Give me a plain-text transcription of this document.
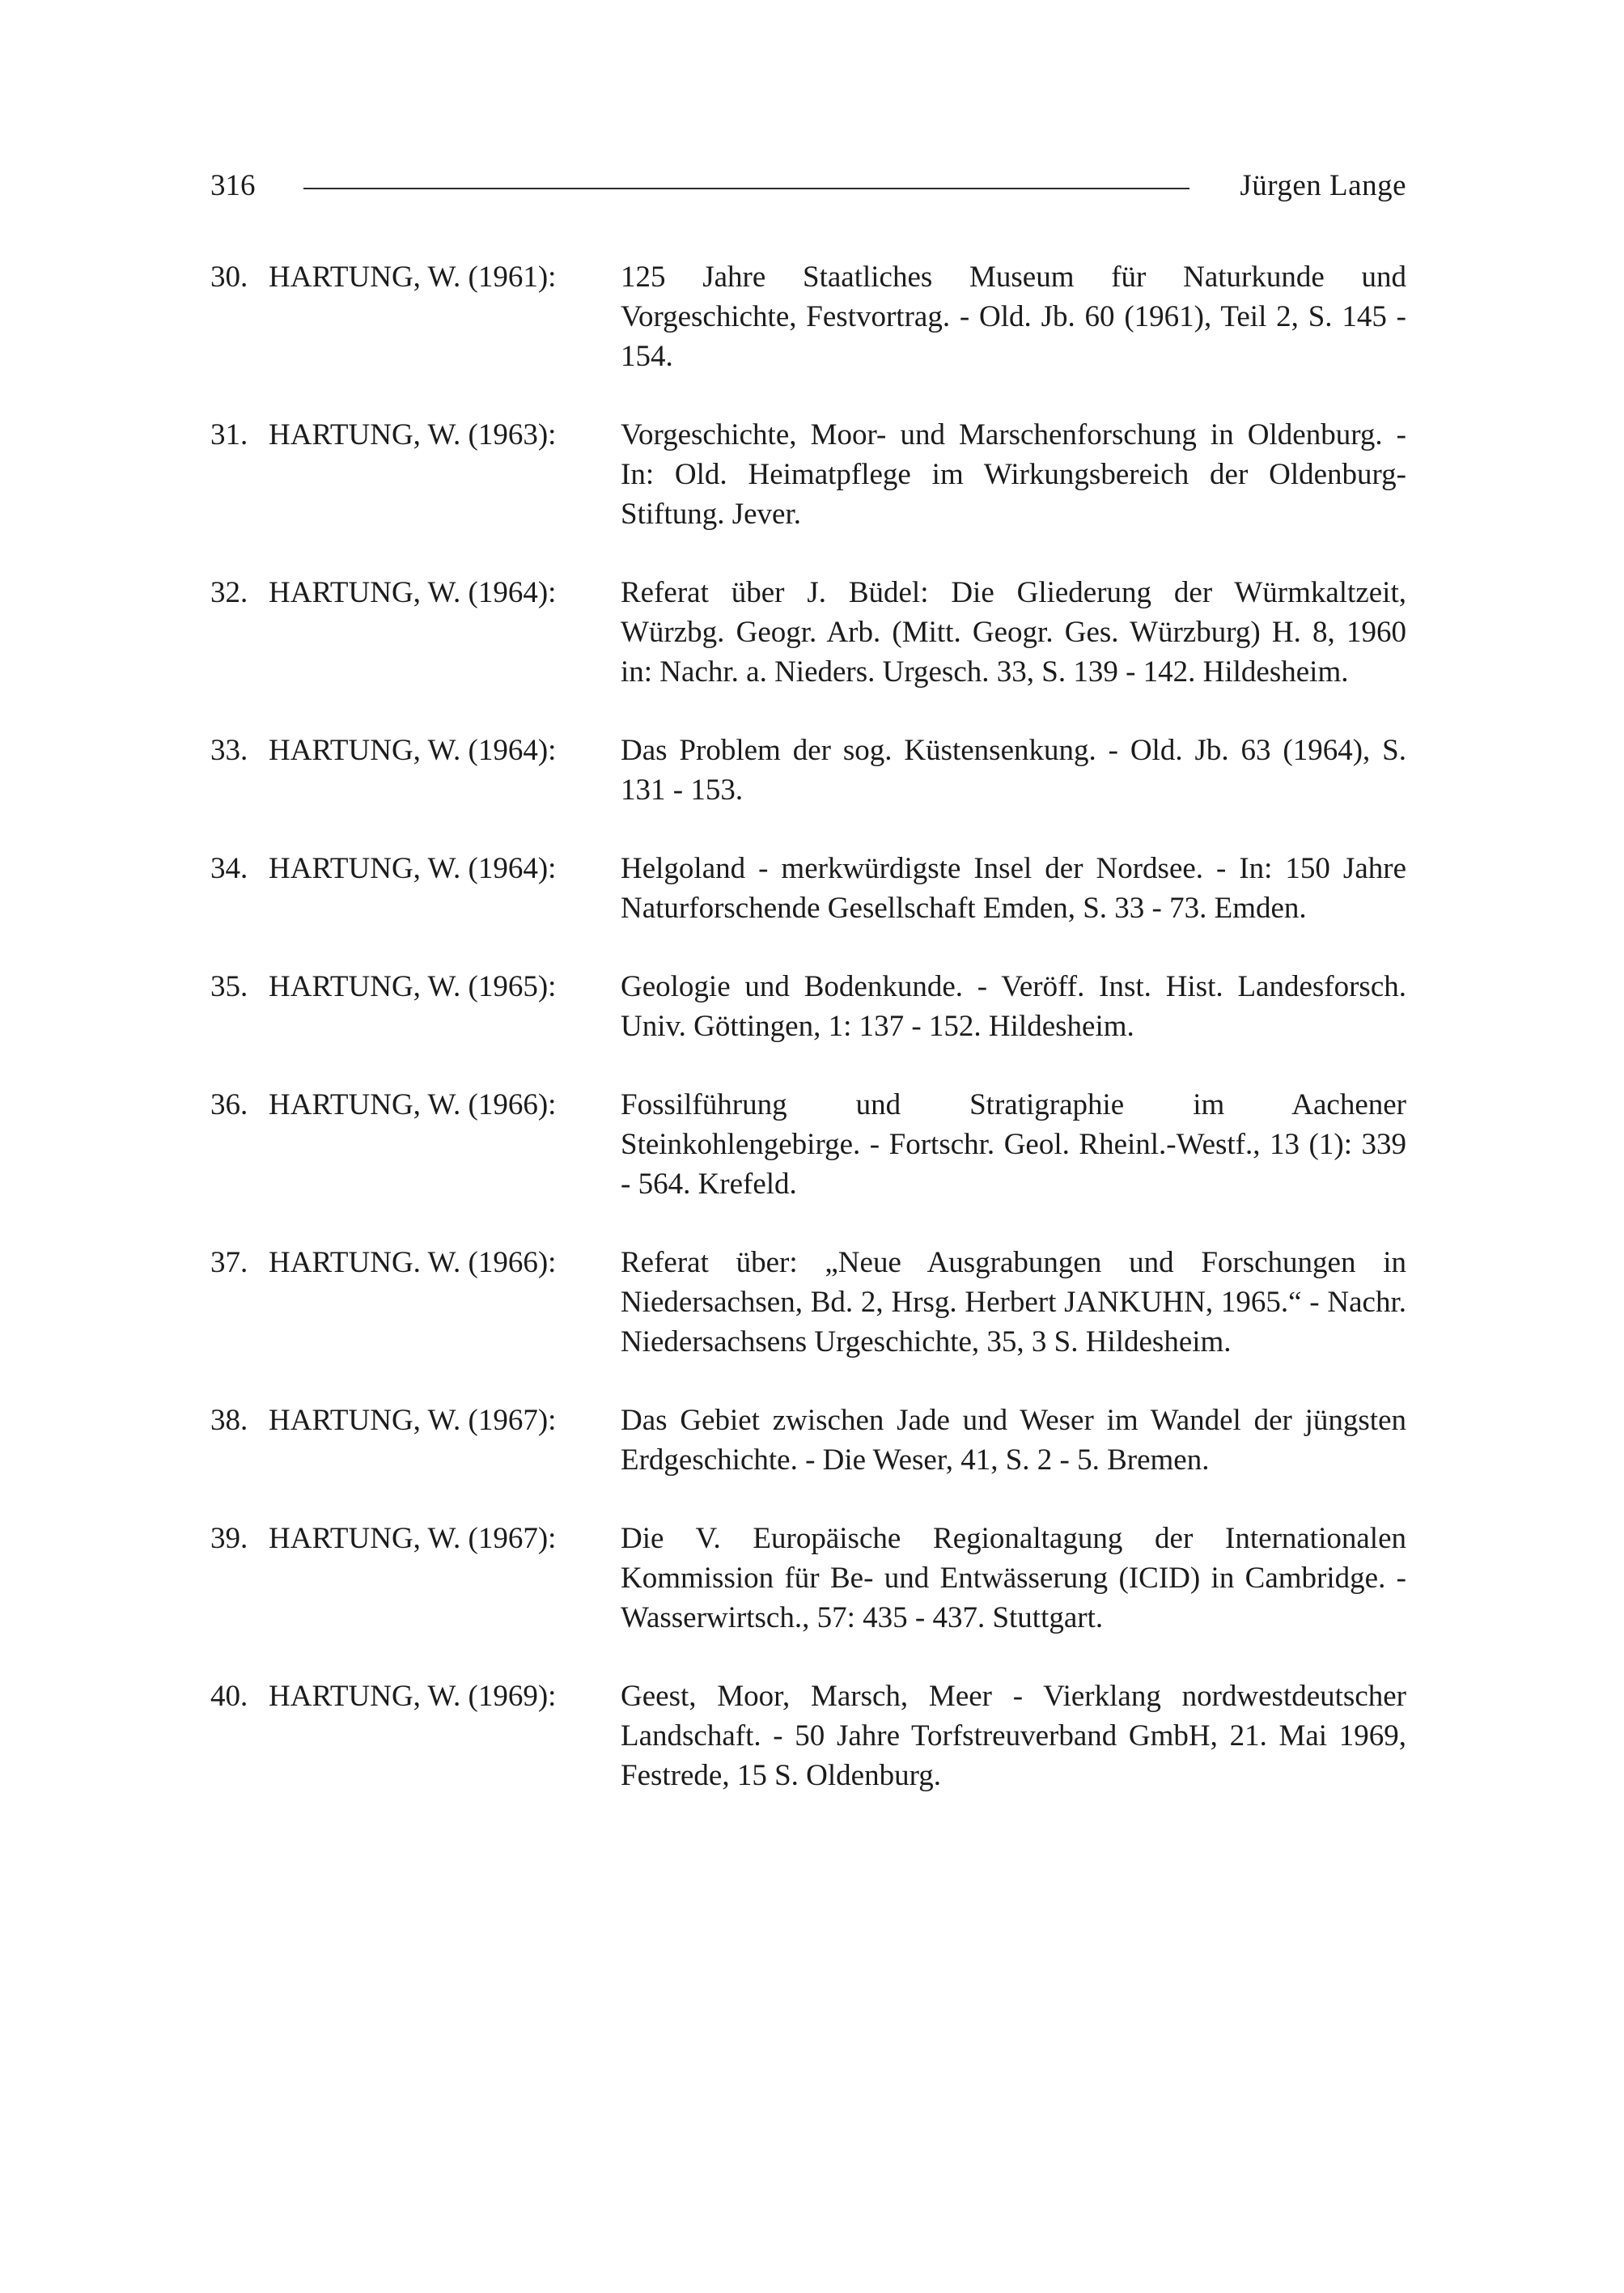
316	Jürgen Lange
30. HARTUNG, W. (1961):	125 Jahre Staatliches Museum für Naturkunde und Vorgeschichte, Festvortrag. - Old. Jb. 60 (1961), Teil 2, S. 145 - 154.
31. HARTUNG, W. (1963):	Vorgeschichte, Moor- und Marschenforschung in Oldenburg. - In: Old. Heimatpflege im Wirkungsbereich der Oldenburg-Stiftung. Jever.
32. HARTUNG, W. (1964):	Referat über J. Büdel: Die Gliederung der Würmkaltzeit, Würzbg. Geogr. Arb. (Mitt. Geogr. Ges. Würzburg) H. 8, 1960 in: Nachr. a. Nieders. Urgesch. 33, S. 139 - 142. Hildesheim.
33. HARTUNG, W. (1964):	Das Problem der sog. Küstensenkung. - Old. Jb. 63 (1964), S. 131 - 153.
34. HARTUNG, W. (1964):	Helgoland - merkwürdigste Insel der Nordsee. - In: 150 Jahre Naturforschende Gesellschaft Emden, S. 33 - 73. Emden.
35. HARTUNG, W. (1965):	Geologie und Bodenkunde. - Veröff. Inst. Hist. Landesforsch. Univ. Göttingen, 1: 137 - 152. Hildesheim.
36. HARTUNG, W. (1966):	Fossilführung und Stratigraphie im Aachener Steinkohlengebirge. - Fortschr. Geol. Rheinl.-Westf., 13 (1): 339 - 564. Krefeld.
37. HARTUNG. W. (1966):	Referat über: „Neue Ausgrabungen und Forschungen in Niedersachsen, Bd. 2, Hrsg. Herbert JANKUHN, 1965.“ - Nachr. Niedersachsens Urgeschichte, 35, 3 S. Hildesheim.
38. HARTUNG, W. (1967):	Das Gebiet zwischen Jade und Weser im Wandel der jüngsten Erdgeschichte. - Die Weser, 41, S. 2 - 5. Bremen.
39. HARTUNG, W. (1967):	Die V. Europäische Regionaltagung der Internationalen Kommission für Be- und Entwässerung (ICID) in Cambridge. - Wasserwirtsch., 57: 435 - 437. Stuttgart.
40. HARTUNG, W. (1969):	Geest, Moor, Marsch, Meer - Vierklang nordwestdeutscher Landschaft. - 50 Jahre Torfstreuverband GmbH, 21. Mai 1969, Festrede, 15 S. Oldenburg.
